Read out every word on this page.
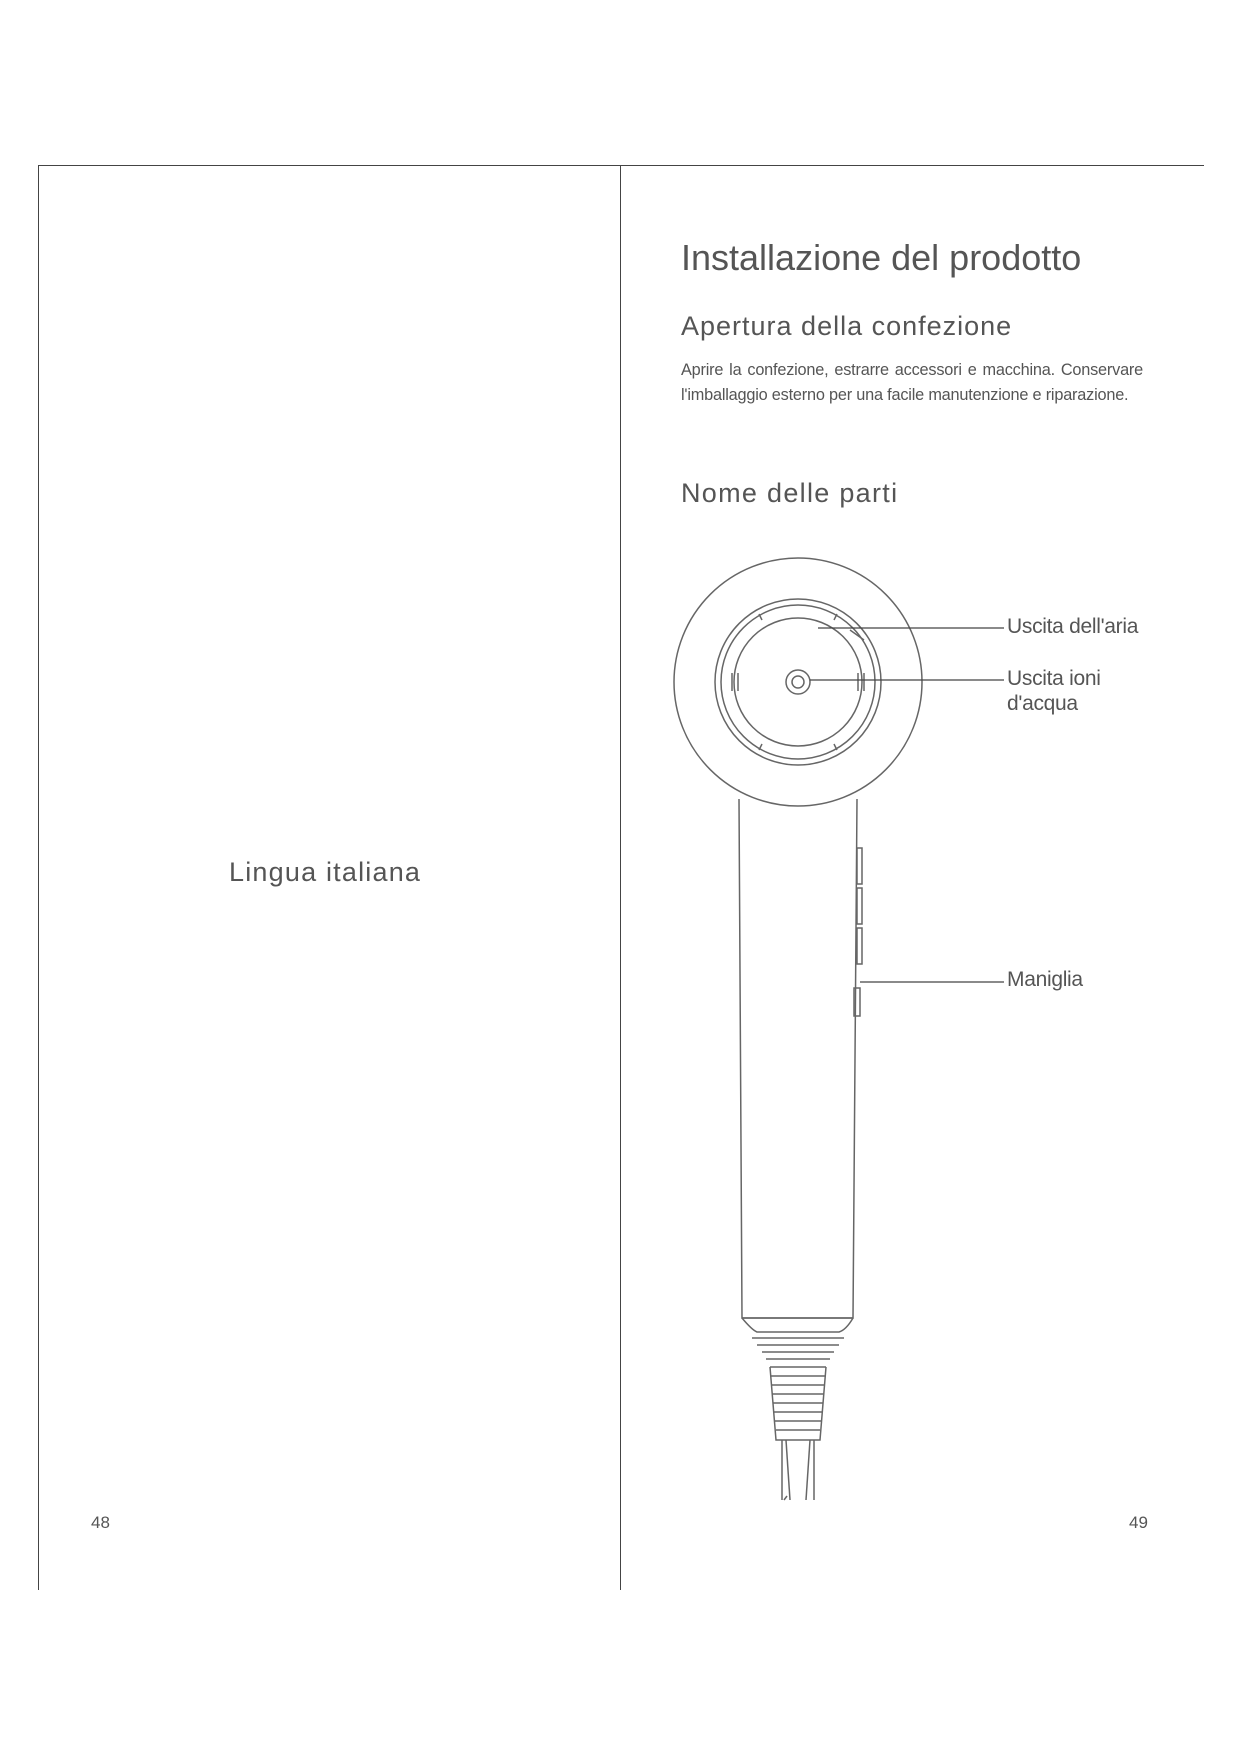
Lingua italiana
48
Installazione del prodotto
Apertura della confezione
Aprire la confezione, estrarre accessori e macchina. Conservare l'imballaggio esterno per una facile manutenzione e riparazione.
Nome delle parti
Uscita dell'aria
Uscita ioni d'acqua
Maniglia
49
